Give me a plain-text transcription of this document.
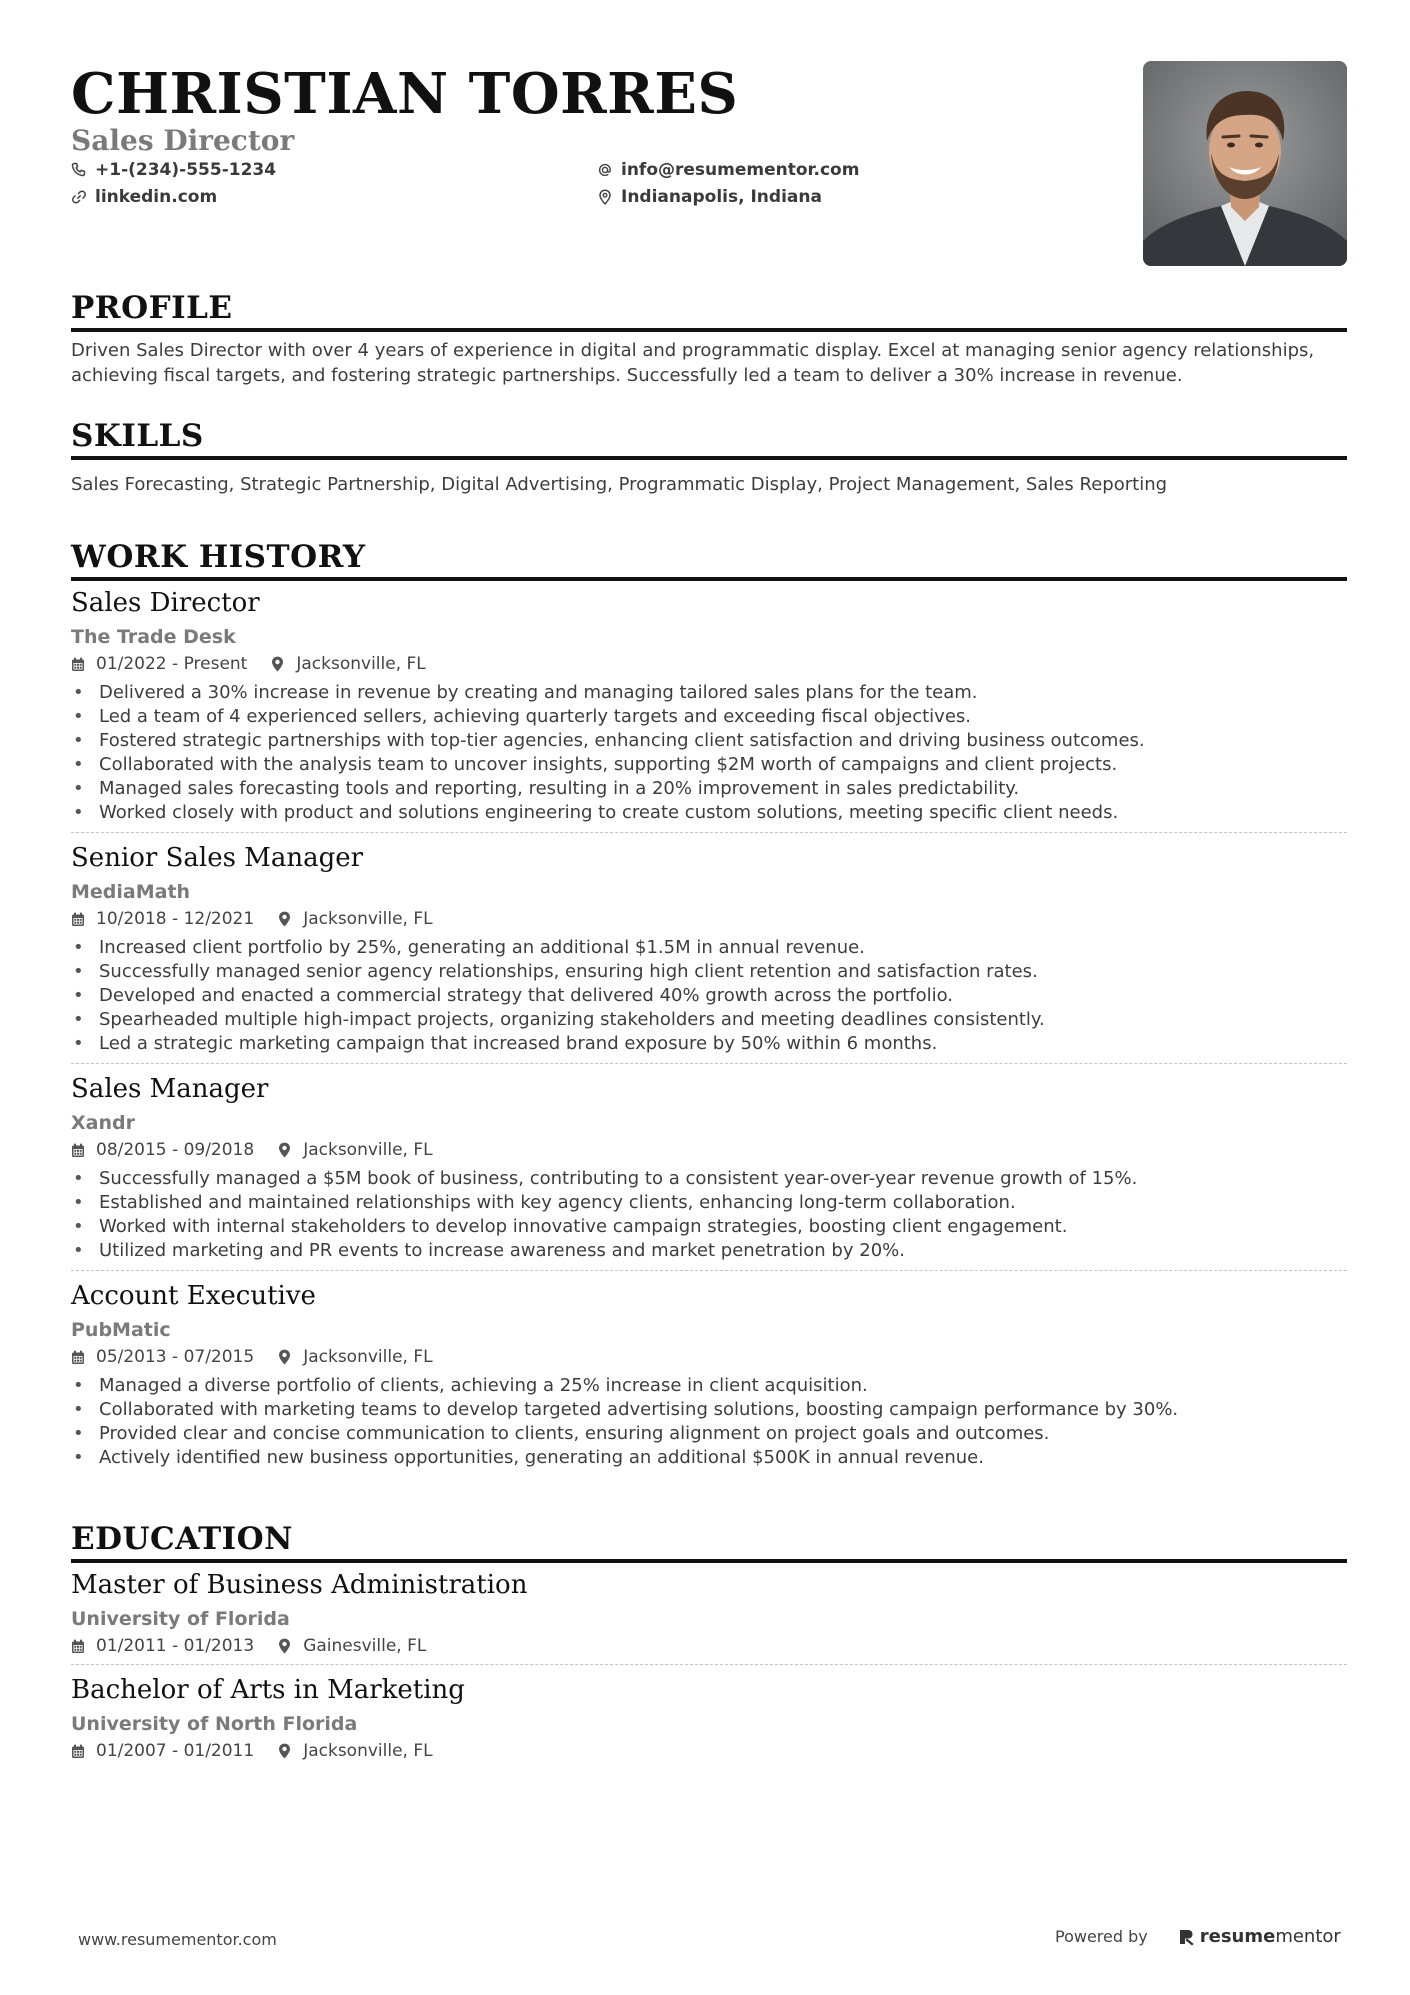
CHRISTIAN TORRES
Sales Director
+1-(234)-555-1234
linkedin.com
info@resumementor.com
Indianapolis, Indiana
PROFILE
Driven Sales Director with over 4 years of experience in digital and programmatic display. Excel at managing senior agency relationships, achieving fiscal targets, and fostering strategic partnerships. Successfully led a team to deliver a 30% increase in revenue.
SKILLS
Sales Forecasting, Strategic Partnership, Digital Advertising, Programmatic Display, Project Management, Sales Reporting
WORK HISTORY
Sales Director
The Trade Desk
01/2022 - Present	Jacksonville, FL
• Delivered a 30% increase in revenue by creating and managing tailored sales plans for the team.
• Led a team of 4 experienced sellers, achieving quarterly targets and exceeding fiscal objectives.
• Fostered strategic partnerships with top-tier agencies, enhancing client satisfaction and driving business outcomes.
• Collaborated with the analysis team to uncover insights, supporting $2M worth of campaigns and client projects.
• Managed sales forecasting tools and reporting, resulting in a 20% improvement in sales predictability.
• Worked closely with product and solutions engineering to create custom solutions, meeting specific client needs.
Senior Sales Manager
MediaMath
10/2018 - 12/2021	Jacksonville, FL
• Increased client portfolio by 25%, generating an additional $1.5M in annual revenue.
• Successfully managed senior agency relationships, ensuring high client retention and satisfaction rates.
• Developed and enacted a commercial strategy that delivered 40% growth across the portfolio.
• Spearheaded multiple high-impact projects, organizing stakeholders and meeting deadlines consistently.
• Led a strategic marketing campaign that increased brand exposure by 50% within 6 months.
Sales Manager
Xandr
08/2015 - 09/2018	Jacksonville, FL
• Successfully managed a $5M book of business, contributing to a consistent year-over-year revenue growth of 15%.
• Established and maintained relationships with key agency clients, enhancing long-term collaboration.
• Worked with internal stakeholders to develop innovative campaign strategies, boosting client engagement.
• Utilized marketing and PR events to increase awareness and market penetration by 20%.
Account Executive
PubMatic
05/2013 - 07/2015	Jacksonville, FL
• Managed a diverse portfolio of clients, achieving a 25% increase in client acquisition.
• Collaborated with marketing teams to develop targeted advertising solutions, boosting campaign performance by 30%.
• Provided clear and concise communication to clients, ensuring alignment on project goals and outcomes.
• Actively identified new business opportunities, generating an additional $500K in annual revenue.
EDUCATION
Master of Business Administration
University of Florida
01/2011 - 01/2013	Gainesville, FL
Bachelor of Arts in Marketing
University of North Florida
01/2007 - 01/2011	Jacksonville, FL
www.resumementor.com	Powered by	resume mentor
